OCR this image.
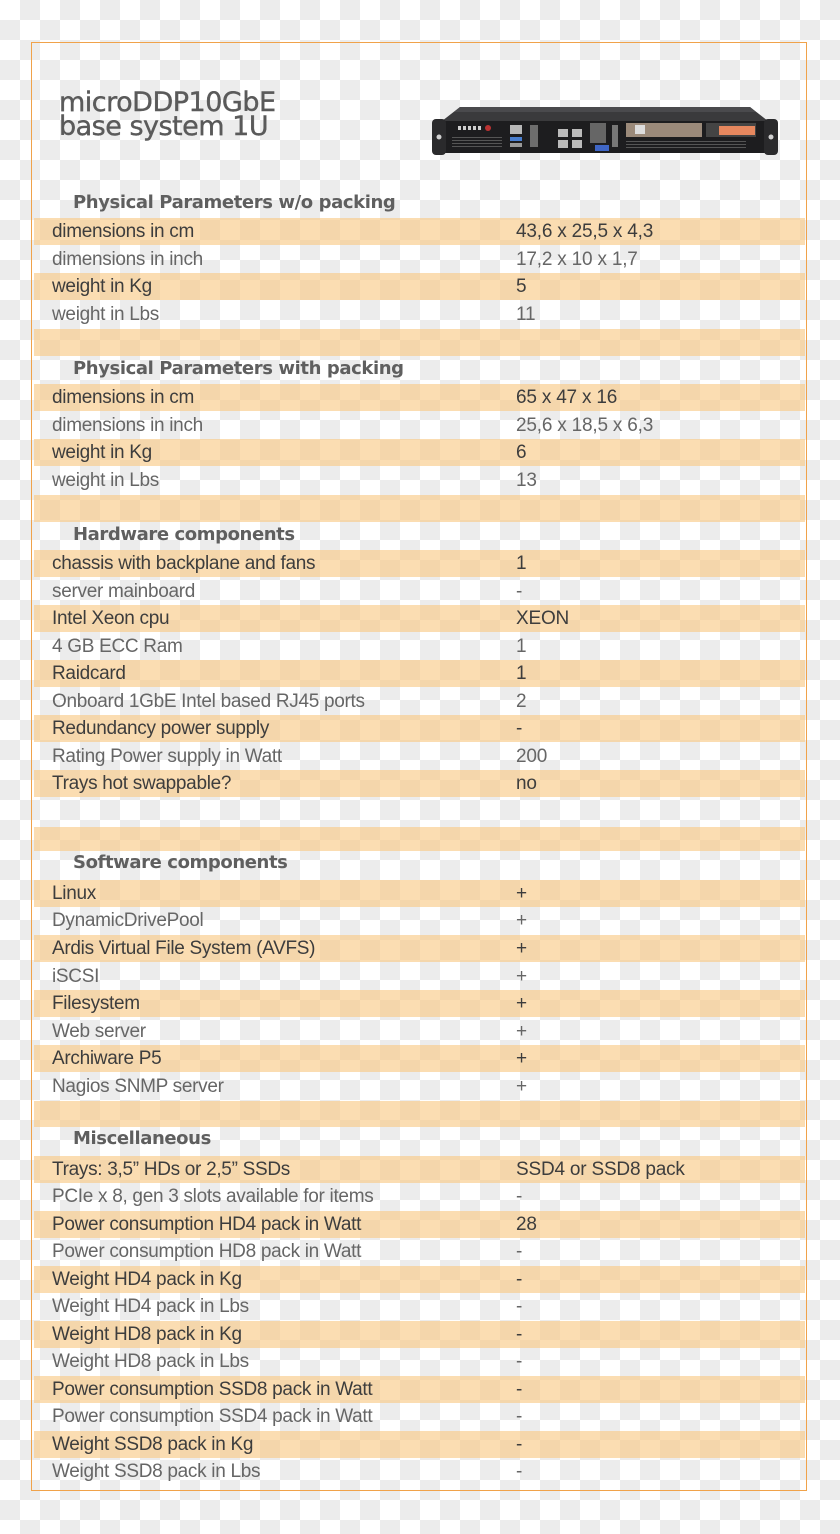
microDDP10GbE
base system 1U
Physical Parameters w/o packing
dimensions in cm	43,6 x 25,5 x 4,3
dimensions in inch	17,2 x 10 x 1,7
weight in Kg	5
weight in Lbs	11
Physical Parameters with packing
dimensions in cm	65 x 47 x 16
dimensions in inch	25,6 x 18,5 x 6,3
weight in Kg	6
weight in Lbs	13
Hardware components
chassis with backplane and fans	1
server mainboard	-
Intel Xeon cpu	XEON
4 GB ECC Ram	1
Raidcard	1
Onboard 1GbE Intel based RJ45 ports	2
Redundancy power supply	-
Rating Power supply in Watt	200
Trays hot swappable?	no
Software components
Linux	+
DynamicDrivePool	+
Ardis Virtual File System (AVFS)	+
iSCSI	+
Filesystem	+
Web server	+
Archiware P5	+
Nagios SNMP server	+
Miscellaneous
Trays: 3,5” HDs or 2,5” SSDs	SSD4 or SSD8 pack
PCIe x 8, gen 3 slots available for items	-
Power consumption HD4 pack in Watt	28
Power consumption HD8 pack in Watt	-
Weight HD4 pack in Kg	-
Weight HD4 pack in Lbs	-
Weight HD8 pack in Kg	-
Weight HD8 pack in Lbs	-
Power consumption SSD8 pack in Watt	-
Power consumption SSD4 pack in Watt	-
Weight SSD8 pack in Kg	-
Weight SSD8 pack in Lbs	-
